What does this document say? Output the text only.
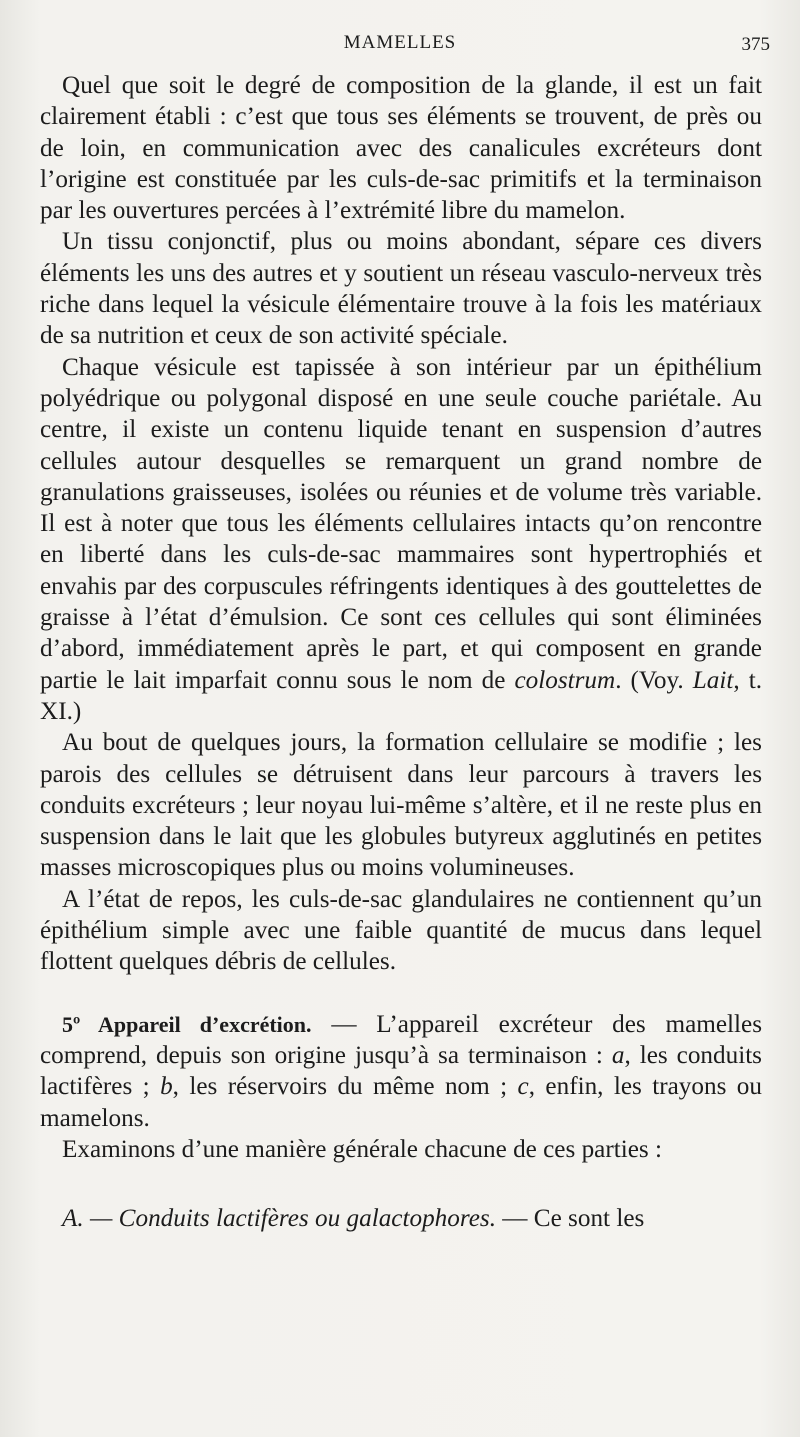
MAMELLES	375

Quel que soit le degré de composition de la glande, il est un fait clairement établi : c’est que tous ses éléments se trouvent, de près ou de loin, en communication avec des canalicules excréteurs dont l’origine est constituée par les culs-de-sac primitifs et la terminaison par les ouvertures percées à l’extrémité libre du mamelon.

Un tissu conjonctif, plus ou moins abondant, sépare ces divers éléments les uns des autres et y soutient un réseau vasculo-nerveux très riche dans lequel la vésicule élémentaire trouve à la fois les matériaux de sa nutrition et ceux de son activité spéciale.

Chaque vésicule est tapissée à son intérieur par un épithélium polyédrique ou polygonal disposé en une seule couche pariétale. Au centre, il existe un contenu liquide tenant en suspension d’autres cellules autour desquelles se remarquent un grand nombre de granulations graisseuses, isolées ou réunies et de volume très variable. Il est à noter que tous les éléments cellulaires intacts qu’on rencontre en liberté dans les culs-de-sac mammaires sont hypertrophiés et envahis par des corpuscules réfringents identiques à des gouttelettes de graisse à l’état d’émulsion. Ce sont ces cellules qui sont éliminées d’abord, immédiatement après le part, et qui composent en grande partie le lait imparfait connu sous le nom de colostrum. (Voy. Lait, t. XI.)

Au bout de quelques jours, la formation cellulaire se modifie ; les parois des cellules se détruisent dans leur parcours à travers les conduits excréteurs ; leur noyau lui-même s’altère, et il ne reste plus en suspension dans le lait que les globules butyreux agglutinés en petites masses microscopiques plus ou moins volumineuses.

A l’état de repos, les culs-de-sac glandulaires ne contiennent qu’un épithélium simple avec une faible quantité de mucus dans lequel flottent quelques débris de cellules.

5º Appareil d’excrétion. — L’appareil excréteur des mamelles comprend, depuis son origine jusqu’à sa terminaison : a, les conduits lactifères ; b, les réservoirs du même nom ; c, enfin, les trayons ou mamelons.

Examinons d’une manière générale chacune de ces parties :

A. — Conduits lactifères ou galactophores. — Ce sont les
